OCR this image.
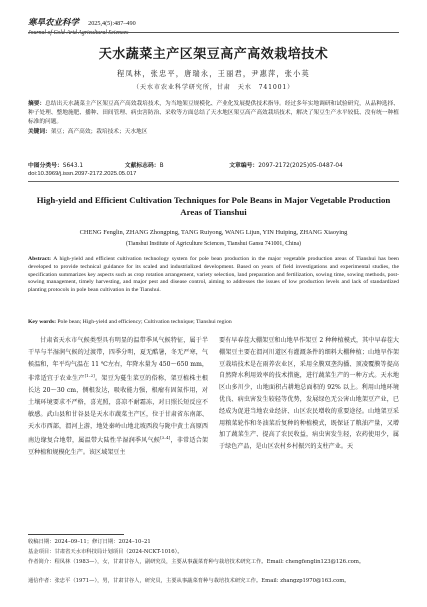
寒旱农业科学 2025,4(5):487–490
Journal of Cold-Arid Agricultural Sciences
天水蔬菜主产区架豆高产高效栽培技术
程凤林，张忠平，唐瑞永，王丽君，尹惠萍，张小英
（天水市农业科学研究所，甘肃　天水　741001）
摘要：总结出天水蔬菜主产区架豆高产高效栽培技术，为当地架豆规模化、产业化发展提供技术指导。经过多年实地调研和试验研究，从品种选择、种子处理、整地施肥、播种、田间管理、病虫害防治、采收等方面总结了天水地区架豆高产高效栽培技术，解决了架豆生产水平较低、没有统一种植标准的问题。
关键词：架豆；高产高效；栽培技术；天水地区
中图分类号：S643.1	文献标志码：B	文章编号：2097-2172(2025)05-0487-04
doi:10.3969/j.issn.2097-2172.2025.05.017
High-yield and Efficient Cultivation Techniques for Pole Beans in Major Vegetable Production Areas of Tianshui
CHENG Fenglin, ZHANG Zhongping, TANG Ruiyong, WANG Lijun, YIN Huiping, ZHANG Xiaoying
(Tianshui Institute of Agriculture Sciences, Tianshui Gansu 741001, China)
Abstract: A high-yield and efficient cultivation technology system for pole bean production in the major vegetable production areas of Tianshui has been developed to provide technical guidance for its scaled and industrialized development. Based on years of field investigations and experimental studies, the specification summarizes key aspects such as crop rotation arrangement, variety selection, land preparation and fertilization, sowing time, sowing methods, post-sowing management, timely harvesting, and major pest and disease control, aiming to addresses the issues of low production levels and lack of standardized planting protocols in pole bean cultivation in the Tianshui.
Key words: Pole bean; High-yield and efficiency; Cultivation technique; Tianshui region

甘肃省天水市气候类型具有明显的温带季风气候特征，属于半干旱与半湿润气候的过渡带，四季分明，夏无酷暑，冬无严寒，气候温和，年平均气温在 11 ℃左右，年降水量为 450～650 mm，非常适宜于农业生产[1–2]。架豆为蔓生菜豆的俗称，架豆植株主根长达 20～30 cm，侧根发达，吸收能力强，根瘤有固氮作用，对土壤环境要求不严格，喜光照，喜凉不耐霜冻，对日照长短反应不敏感。武山县和甘谷县是天水市蔬菜主产区，位于甘肃省东南部、天水市西部，渭河上游，地处秦岭山地北坡西段与陇中黄土高原西南边缘复合地带，属温带大陆性半湿润季风气候[3–4]，非常适合架豆种植和规模化生产。该区域架豆主

要有早春茬大棚架豆和山地旱作架豆 2 种种植模式，其中早春茬大棚架豆主要在渭河川道区有灌溉条件的细料大棚种植；山地旱作架豆栽培技术是在雨养农业区，采用全膜双垄沟播、顶凌覆膜等提高自然降水利用效率的技术措施，进行蔬菜生产的一种方式。天水地区山多川少，山地面积占耕地总面积的 92% 以上。利用山地环境优良、病虫害发生较轻等优势，发展绿色无公害山地架豆产业，已经成为促进当地农业经济、山区农民增收的重要途径。山地架豆采用粮菜轮作和冬油菜后复种的种植模式，既保证了粮油产量，又增加了蔬菜生产、提高了农民收益，病虫害发生轻，农药使用少，属于绿色产品，是山区农村乡村振兴的支柱产业。天

收稿日期：2024–09–11；修订日期：2024–10–21
基金项目：甘肃省天水市科技局计划项目（2024-NCKT-1016）。
作者简介：程凤林（1983—），女，甘肃甘谷人，副研究员，主要从事蔬菜育种与栽培技术研究工作。Email: chengfenglin123@126.com。
通信作者：张忠平（1971—），男，甘肃甘谷人，研究员，主要从事蔬菜育种与栽培技术研究工作。Email: zhangzp1970@163.com。
